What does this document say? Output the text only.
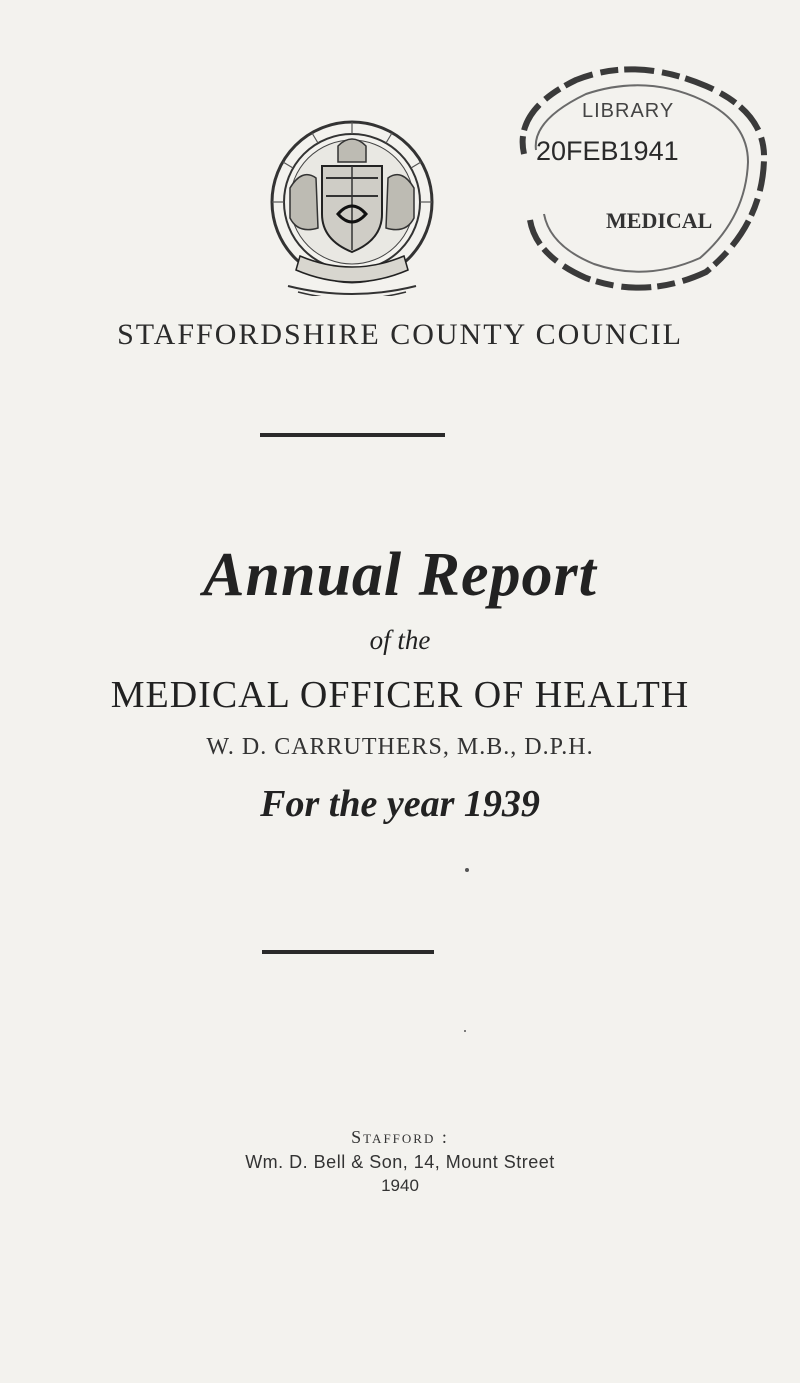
LIBRARY
20FEB1941
MEDICAL
STAFFORDSHIRE COUNTY COUNCIL
Annual Report
of the
MEDICAL OFFICER OF HEALTH
W. D. CARRUTHERS, M.B., D.P.H.
For the year 1939
Stafford :
Wm. D. Bell & Son, 14, Mount Street
1940
